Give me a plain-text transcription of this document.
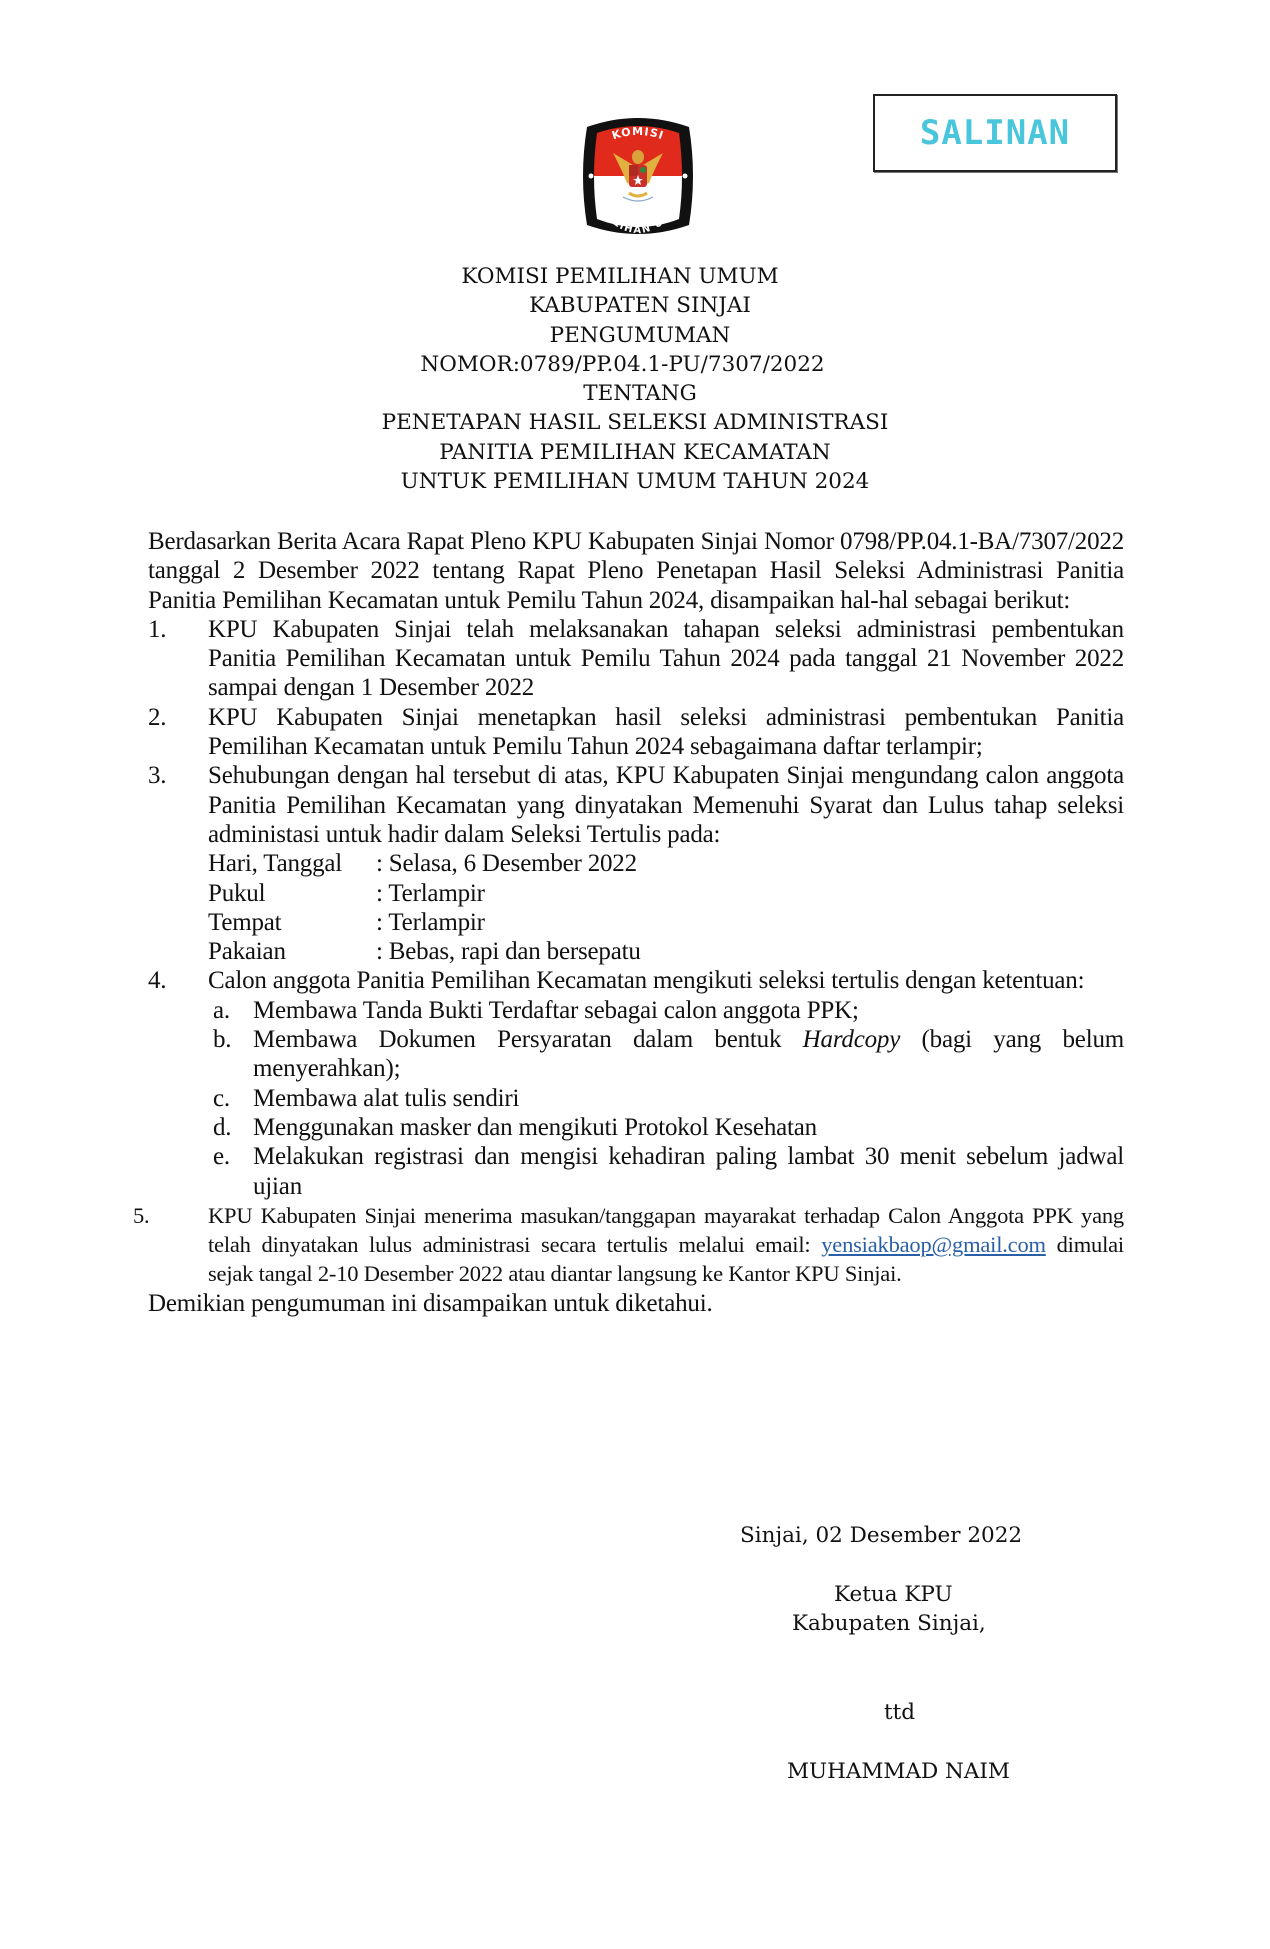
KOMISI
PEMILIHAN UMUM
SALINAN
KOMISI PEMILIHAN UMUM
KABUPATEN SINJAI
PENGUMUMAN
NOMOR:0789/PP.04.1-PU/7307/2022
TENTANG
PENETAPAN HASIL SELEKSI ADMINISTRASI
PANITIA PEMILIHAN KECAMATAN
UNTUK PEMILIHAN UMUM TAHUN 2024
Berdasarkan Berita Acara Rapat Pleno KPU Kabupaten Sinjai Nomor 0798/PP.04.1-BA/7307/2022 tanggal 2 Desember 2022 tentang Rapat Pleno Penetapan Hasil Seleksi Administrasi Panitia Panitia Pemilihan Kecamatan untuk Pemilu Tahun 2024, disampaikan hal-hal sebagai berikut:
1. KPU Kabupaten Sinjai telah melaksanakan tahapan seleksi administrasi pembentukan Panitia Pemilihan Kecamatan untuk Pemilu Tahun 2024 pada tanggal 21 November 2022 sampai dengan 1 Desember 2022
2. KPU Kabupaten Sinjai menetapkan hasil seleksi administrasi pembentukan Panitia Pemilihan Kecamatan untuk Pemilu Tahun 2024 sebagaimana daftar terlampir;
3. Sehubungan dengan hal tersebut di atas, KPU Kabupaten Sinjai mengundang calon anggota Panitia Pemilihan Kecamatan yang dinyatakan Memenuhi Syarat dan Lulus tahap seleksi administasi untuk hadir dalam Seleksi Tertulis pada:
Hari, Tanggal	: Selasa, 6 Desember 2022
Pukul	: Terlampir
Tempat	: Terlampir
Pakaian	: Bebas, rapi dan bersepatu
4. Calon anggota Panitia Pemilihan Kecamatan mengikuti seleksi tertulis dengan ketentuan:
a. Membawa Tanda Bukti Terdaftar sebagai calon anggota PPK;
b. Membawa Dokumen Persyaratan dalam bentuk Hardcopy (bagi yang belum menyerahkan);
c. Membawa alat tulis sendiri
d. Menggunakan masker dan mengikuti Protokol Kesehatan
e. Melakukan registrasi dan mengisi kehadiran paling lambat 30 menit sebelum jadwal ujian
5.	KPU Kabupaten Sinjai menerima masukan/tanggapan mayarakat terhadap Calon Anggota PPK yang telah dinyatakan lulus administrasi secara tertulis melalui email: yensiakbaop@gmail.com dimulai sejak tangal 2-10 Desember 2022 atau diantar langsung ke Kantor KPU Sinjai.
Demikian pengumuman ini disampaikan untuk diketahui.
Sinjai, 02 Desember 2022
Ketua KPU
Kabupaten Sinjai,
ttd
MUHAMMAD NAIM
